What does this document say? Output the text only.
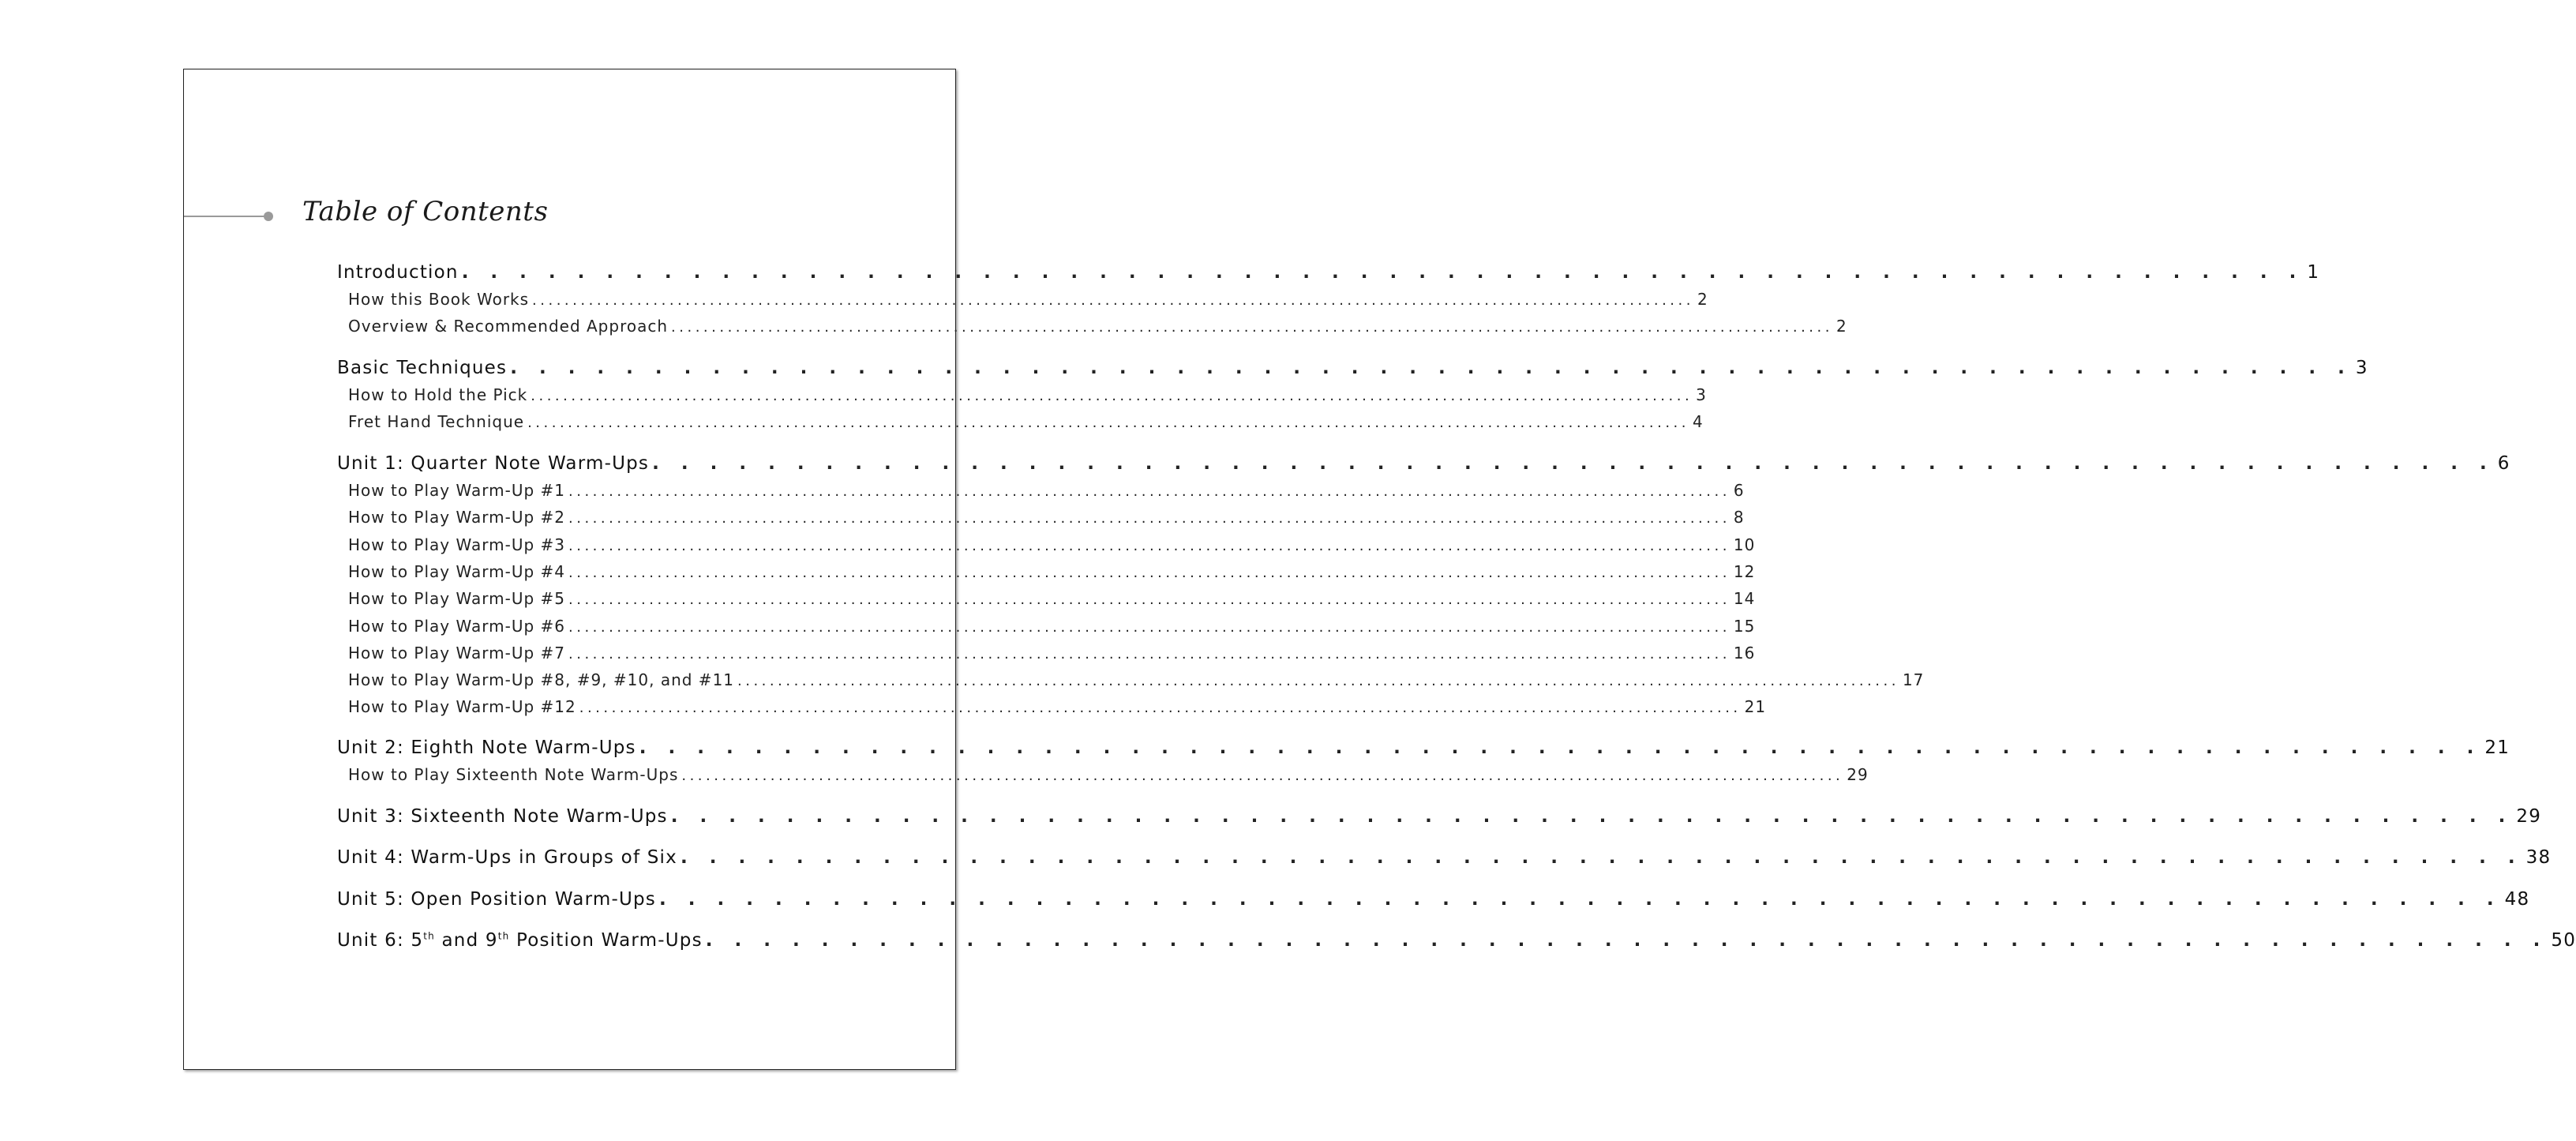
Table of Contents
Introduction . . . . . . . . . . . . . . . . . . . . . . . . . . . . . . . . . . . . . . . . . . . . . . . . . . . . . . . . . . . . . . . . 1
How this Book Works ................................................................................................................................................ 2
Overview & Recommended Approach ................................................................................................................................................ 2
Basic Techniques . . . . . . . . . . . . . . . . . . . . . . . . . . . . . . . . . . . . . . . . . . . . . . . . . . . . . . . . . . . . . . . . 3
How to Hold the Pick ................................................................................................................................................ 3
Fret Hand Technique ................................................................................................................................................ 4
Unit 1: Quarter Note Warm-Ups . . . . . . . . . . . . . . . . . . . . . . . . . . . . . . . . . . . . . . . . . . . . . . . . . . . . . . . . . . . . . . . . 6
How to Play Warm-Up #1 ................................................................................................................................................ 6
How to Play Warm-Up #2 ................................................................................................................................................ 8
How to Play Warm-Up #3 ................................................................................................................................................ 10
How to Play Warm-Up #4 ................................................................................................................................................ 12
How to Play Warm-Up #5 ................................................................................................................................................ 14
How to Play Warm-Up #6 ................................................................................................................................................ 15
How to Play Warm-Up #7 ................................................................................................................................................ 16
How to Play Warm-Up #8, #9, #10, and #11 ................................................................................................................................................ 17
How to Play Warm-Up #12 ................................................................................................................................................ 21
Unit 2: Eighth Note Warm-Ups . . . . . . . . . . . . . . . . . . . . . . . . . . . . . . . . . . . . . . . . . . . . . . . . . . . . . . . . . . . . . . . . 21
How to Play Sixteenth Note Warm-Ups ................................................................................................................................................ 29
Unit 3: Sixteenth Note Warm-Ups . . . . . . . . . . . . . . . . . . . . . . . . . . . . . . . . . . . . . . . . . . . . . . . . . . . . . . . . . . . . . . . . 29
Unit 4: Warm-Ups in Groups of Six . . . . . . . . . . . . . . . . . . . . . . . . . . . . . . . . . . . . . . . . . . . . . . . . . . . . . . . . . . . . . . . . 38
Unit 5: Open Position Warm-Ups . . . . . . . . . . . . . . . . . . . . . . . . . . . . . . . . . . . . . . . . . . . . . . . . . . . . . . . . . . . . . . . . 48
Unit 6: 5th and 9th Position Warm-Ups . . . . . . . . . . . . . . . . . . . . . . . . . . . . . . . . . . . . . . . . . . . . . . . . . . . . . . . . . . . . . . . . 50
